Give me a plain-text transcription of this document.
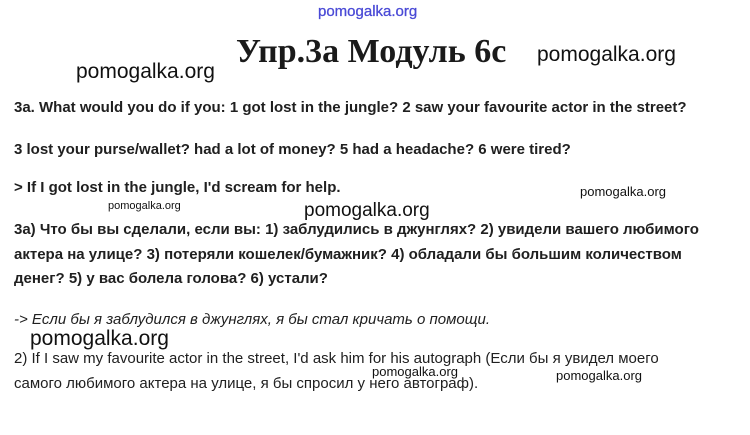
pomogalka.org
Упр.3a Модуль 6c
pomogalka.org
pomogalka.org
3a. What would you do if you: 1 got lost in the jungle? 2 saw your favourite actor in the street?
3 lost your purse/wallet? had a lot of money? 5 had a headache? 6 were tired?
> If I got lost in the jungle, I'd scream for help.	pomogalka.org
pomogalka.org	pomogalka.org
3a) Что бы вы сделали, если вы: 1) заблудились в джунглях? 2) увидели вашего любимого
актера на улице? 3) потеряли кошелек/бумажник? 4) обладали бы большим количеством
денег? 5) у вас болела голова? 6) устали?
-> Если бы я заблудился в джунглях, я бы стал кричать о помощи.
pomogalka.org
2) If I saw my favourite actor in the street, I'd ask him for his autograph (Если бы я увидел моего
самого любимого актера на улице, я бы спросил у него автограф).
pomogalka.org	pomogalka.org
